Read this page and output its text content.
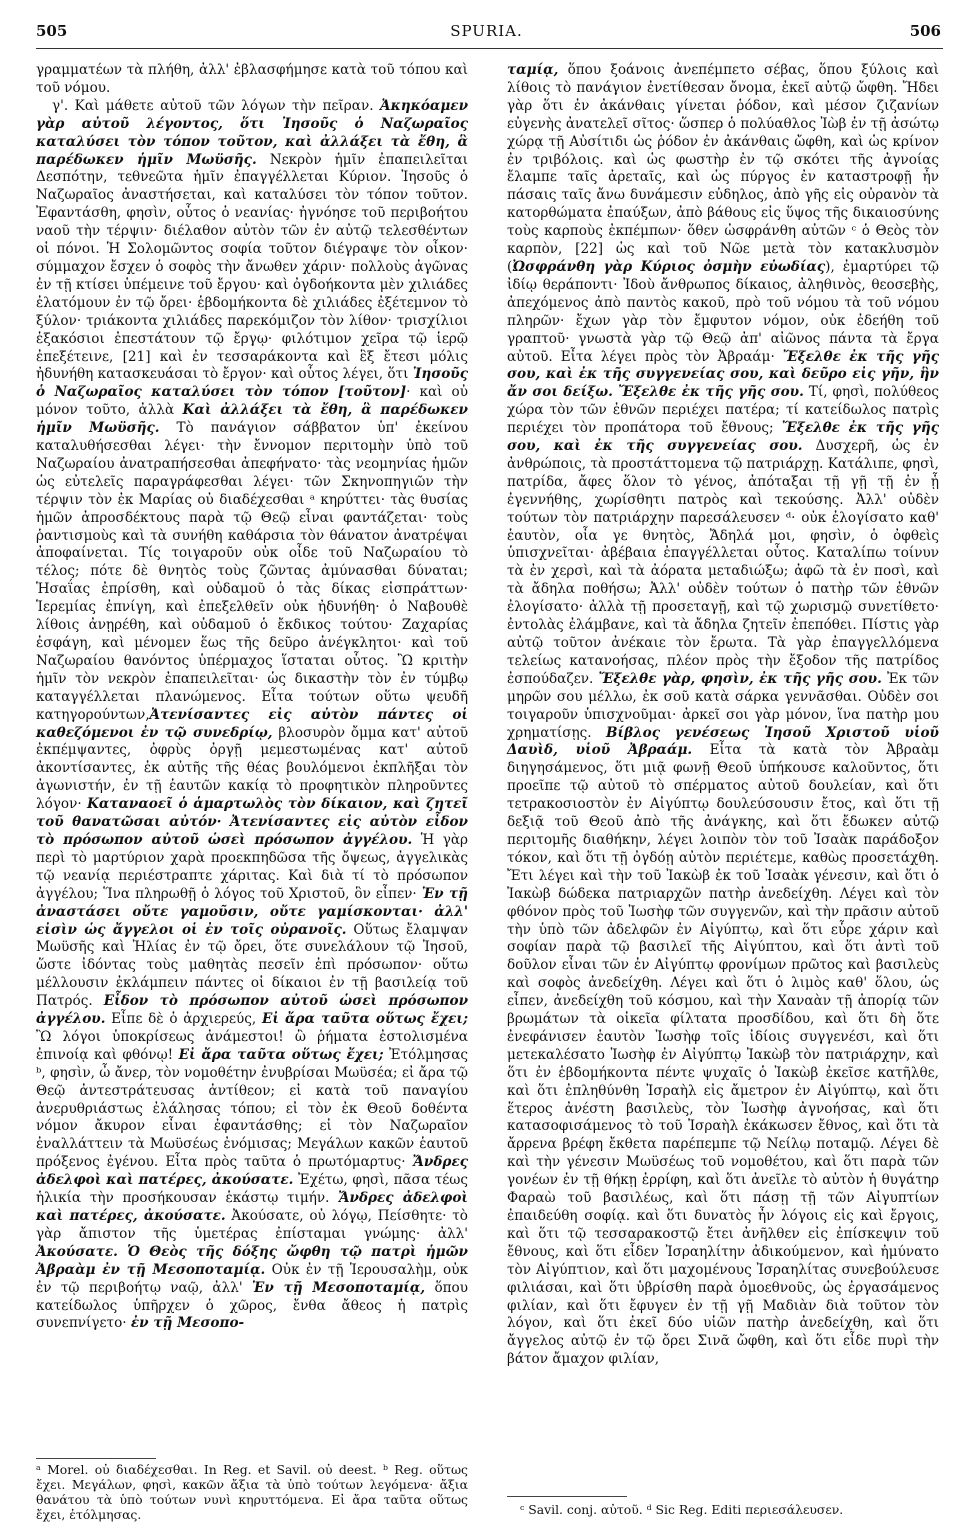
505	SPURIA.	506

γραμματέων τὰ πλήθη, ἀλλ' ἐβλασφήμησε κατὰ τοῦ τόπου καὶ τοῦ νόμου.

γ'. Καὶ μάθετε αὐτοῦ τῶν λόγων τὴν πεῖραν. Ἀκηκόαμεν γὰρ αὐτοῦ λέγοντος, ὅτι Ἰησοῦς ὁ Ναζωραῖος καταλύσει τὸν τόπον τοῦτον, καὶ ἀλλάξει τὰ ἔθη, ἃ παρέδωκεν ἡμῖν Μωϋσῆς. Νεκρὸν ἡμῖν ἐπαπειλεῖται Δεσπότην, τεθνεῶτα ἡμῖν ἐπαγγέλλεται Κύριον. Ἰησοῦς ὁ Ναζωραῖος ἀναστήσεται, καὶ καταλύσει τὸν τόπον τοῦτον. Ἐφαντάσθη, φησὶν, οὗτος ὁ νεανίας· ἠγνόησε τοῦ περιβοήτου ναοῦ τὴν τέρψιν· διέλαθον αὐτὸν τῶν ἐν αὐτῷ τελεσθέντων οἱ πόνοι. Ἡ Σολομῶντος σοφία τοῦτον διέγραψε τὸν οἶκον· σύμμαχον ἔσχεν ὁ σοφὸς τὴν ἄνωθεν χάριν· πολλοὺς ἀγῶνας ἐν τῇ κτίσει ὑπέμεινε τοῦ ἔργου· καὶ ὀγδοήκοντα μὲν χιλιάδες ἐλατόμουν ἐν τῷ ὄρει· ἑβδομήκοντα δὲ χιλιάδες ἐξέτεμνον τὸ ξύλον· τριάκοντα χιλιάδες παρεκόμιζον τὸν λίθον· τρισχίλιοι ἑξακόσιοι ἐπεστάτουν τῷ ἔργῳ· φιλότιμον χεῖρα τῷ ἱερῷ ἐπεξέτεινε, [21] καὶ ἐν τεσσαράκοντα καὶ ἓξ ἔτεσι μόλις ἠδυνήθη κατασκευάσαι τὸ ἔργον· καὶ οὗτος λέγει, ὅτι Ἰησοῦς ὁ Ναζωραῖος καταλύσει τὸν τόπον [τοῦτον]· καὶ οὐ μόνον τοῦτο, ἀλλὰ Καὶ ἀλλάξει τὰ ἔθη, ἃ παρέδωκεν ἡμῖν Μωϋσῆς. Τὸ πανάγιον σάββατον ὑπ' ἐκείνου καταλυθήσεσθαι λέγει· τὴν ἔννομον περιτομὴν ὑπὸ τοῦ Ναζωραίου ἀνατραπήσεσθαι ἀπεφήνατο· τὰς νεομηνίας ἡμῶν ὡς εὐτελεῖς παραγράφεσθαι λέγει· τῶν Σκηνοπηγιῶν τὴν τέρψιν τὸν ἐκ Μαρίας οὐ διαδέχεσθαι ᵃ κηρύττει· τὰς θυσίας ἡμῶν ἀπροσδέκτους παρὰ τῷ Θεῷ εἶναι φαντάζεται· τοὺς ῥαντισμοὺς καὶ τὰ συνήθη καθάρσια τὸν θάνατον ἀνατρέψαι ἀποφαίνεται. Τίς τοιγαροῦν οὐκ οἶδε τοῦ Ναζωραίου τὸ τέλος; πότε δὲ θνητὸς τοὺς ζῶντας ἀμύνασθαι δύναται; Ἡσαΐας ἐπρίσθη, καὶ οὐδαμοῦ ὁ τὰς δίκας εἰσπράττων· Ἱερεμίας ἐπνίγη, καὶ ἐπεξελθεῖν οὐκ ἠδυνήθη· ὁ Ναβουθὲ λίθοις ἀνῃρέθη, καὶ οὐδαμοῦ ὁ ἔκδικος τούτου· Ζαχαρίας ἐσφάγη, καὶ μένομεν ἕως τῆς δεῦρο ἀνέγκλητοι· καὶ τοῦ Ναζωραίου θανόντος ὑπέρμαχος ἵσταται οὗτος. Ὢ κριτὴν ἡμῖν τὸν νεκρὸν ἐπαπειλεῖται· ὡς δικαστὴν τὸν ἐν τύμβῳ καταγγέλλεται πλανώμενος. Εἶτα τούτων οὕτω ψευδῆ κατηγορούντων,Ἀτενίσαντες εἰς αὐτὸν πάντες οἱ καθεζόμενοι ἐν τῷ συνεδρίῳ, βλοσυρὸν ὄμμα κατ' αὐτοῦ ἐκπέμψαντες, ὀφρὺς ὀργῇ μεμεστωμένας κατ' αὐτοῦ ἀκοντίσαντες, ἐκ αὐτῆς τῆς θέας βουλόμενοι ἐκπλῆξαι τὸν ἀγωνιστήν, ἐν τῇ ἑαυτῶν κακίᾳ τὸ προφητικὸν πληροῦντες λόγον· Καταναοεῖ ὁ ἁμαρτωλὸς τὸν δίκαιον, καὶ ζητεῖ τοῦ θανατῶσαι αὐτόν· Ἀτενίσαντες εἰς αὐτὸν εἶδον τὸ πρόσωπον αὐτοῦ ὡσεὶ πρόσωπον ἀγγέλου. Ἡ γὰρ περὶ τὸ μαρτύριον χαρὰ προεκπηδῶσα τῆς ὄψεως, ἀγγελικὰς τῷ νεανίᾳ περιέστραπτε χάριτας. Καὶ διὰ τί τὸ πρόσωπον ἀγγέλου; Ἵνα πληρωθῇ ὁ λόγος τοῦ Χριστοῦ, ὃν εἶπεν· Ἐν τῇ ἀναστάσει οὔτε γαμοῦσιν, οὔτε γαμίσκονται· ἀλλ' εἰσὶν ὡς ἄγγελοι οἱ ἐν τοῖς οὐρανοῖς. Οὕτως ἔλαμψαν Μωϋσῆς καὶ Ἠλίας ἐν τῷ ὄρει, ὅτε συνελάλουν τῷ Ἰησοῦ, ὥστε ἰδόντας τοὺς μαθητὰς πεσεῖν ἐπὶ πρόσωπον· οὕτω μέλλουσιν ἐκλάμπειν πάντες οἱ δίκαιοι ἐν τῇ βασιλείᾳ τοῦ Πατρός. Εἶδον τὸ πρόσωπον αὐτοῦ ὡσεὶ πρόσωπον ἀγγέλου. Εἶπε δὲ ὁ ἀρχιερεύς, Εἰ ἄρα ταῦτα οὕτως ἔχει; Ὢ λόγοι ὑποκρίσεως ἀνάμεστοι! ὢ ῥήματα ἐστολισμένα ἐπινοίᾳ καὶ φθόνῳ! Εἰ ἄρα ταῦτα οὕτως ἔχει; Ἐτόλμησας ᵇ, φησὶν, ὦ ἄνερ, τὸν νομοθέτην ἐνυβρίσαι Μωϋσέα; εἰ ἄρα τῷ Θεῷ ἀντεστράτευσας ἀντίθεον; εἰ κατὰ τοῦ παναγίου ἀνερυθριάστως ἐλάλησας τόπου; εἰ τὸν ἐκ Θεοῦ δοθέντα νόμον ἄκυρον εἶναι ἐφαντάσθης; εἰ τὸν Ναζωραῖον ἐναλλάττειν τὰ Μωϋσέως ἐνόμισας; Μεγάλων κακῶν ἑαυτοῦ πρόξενος ἐγένου. Εἶτα πρὸς ταῦτα ὁ πρωτόμαρτυς· Ἄνδρες ἀδελφοὶ καὶ πατέρες, ἀκούσατε. Ἐχέτω, φησὶ, πᾶσα τέως ἡλικία τὴν προσήκουσαν ἑκάστῳ τιμήν. Ἄνδρες ἀδελφοὶ καὶ πατέρες, ἀκούσατε. Ἀκούσατε, οὐ λόγῳ, Πείσθητε· τὸ γὰρ ἄπιστον τῆς ὑμετέρας ἐπίσταμαι γνώμης· ἀλλ' Ἀκούσατε. Ὁ Θεὸς τῆς δόξης ὤφθη τῷ πατρὶ ἡμῶν Ἀβραὰμ ἐν τῇ Μεσοποταμίᾳ. Οὐκ ἐν τῇ Ἱερουσαλὴμ, οὐκ ἐν τῷ περιβοήτῳ ναῷ, ἀλλ' Ἐν τῇ Μεσοποταμίᾳ, ὅπου κατείδωλος ὑπῆρχεν ὁ χῶρος, ἔνθα ἄθεος ἡ πατρὶς συνεπνίγετο· ἐν τῇ Μεσοπο-

ταμίᾳ, ὅπου ξοάνοις ἀνεπέμπετο σέβας, ὅπου ξύλοις καὶ λίθοις τὸ πανάγιον ἐνετίθεσαν ὄνομα, ἐκεῖ αὐτῷ ὤφθη. Ἤδει γὰρ ὅτι ἐν ἀκάνθαις γίνεται ῥόδον, καὶ μέσον ζιζανίων εὐγενὴς ἀνατελεῖ σῖτος· ὥσπερ ὁ πολύαθλος Ἰὼβ ἐν τῇ ἀσώτῳ χώρᾳ τῇ Αὐσίτιδι ὡς ῥόδον ἐν ἀκάνθαις ὤφθη, καὶ ὡς κρίνον ἐν τριβόλοις. καὶ ὡς φωστὴρ ἐν τῷ σκότει τῆς ἀγνοίας ἔλαμπε ταῖς ἀρεταῖς, καὶ ὡς πύργος ἐν καταστροφῇ ἦν πάσαις ταῖς ἄνω δυνάμεσιν εὐδηλος, ἀπὸ γῆς εἰς οὐρανὸν τὰ κατορθώματα ἐπαύξων, ἀπὸ βάθους εἰς ὕψος τῆς δικαιοσύνης τοὺς καρποὺς ἐκπέμπων· ὅθεν ὠσφράνθη αὐτῶν ᶜ ὁ Θεὸς τὸν καρπὸν, [22] ὡς καὶ τοῦ Νῶε μετὰ τὸν κατακλυσμὸν (Ὠσφράνθη γὰρ Κύριος ὀσμὴν εὐωδίας), ἐμαρτύρει τῷ ἰδίῳ θεράποντι· Ἰδοὺ ἄνθρωπος δίκαιος, ἀληθινὸς, θεοσεβὴς, ἀπεχόμενος ἀπὸ παντὸς κακοῦ, πρὸ τοῦ νόμου τὰ τοῦ νόμου πληρῶν· ἔχων γὰρ τὸν ἔμφυτον νόμον, οὐκ ἐδεήθη τοῦ γραπτοῦ· γνωστὰ γὰρ τῷ Θεῷ ἀπ' αἰῶνος πάντα τὰ ἔργα αὐτοῦ. Εἶτα λέγει πρὸς τὸν Ἀβραάμ· Ἔξελθε ἐκ τῆς γῆς σου, καὶ ἐκ τῆς συγγενείας σου, καὶ δεῦρο εἰς γῆν, ἣν ἄν σοι δείξω. Ἔξελθε ἐκ τῆς γῆς σου. Τί, φησὶ, πολύθεος χώρα τὸν τῶν ἐθνῶν περιέχει πατέρα; τί κατείδωλος πατρὶς περιέχει τὸν προπάτορα τοῦ ἔθνους; Ἔξελθε ἐκ τῆς γῆς σου, καὶ ἐκ τῆς συγγενείας σου. Δυσχερῆ, ὡς ἐν ἀνθρώποις, τὰ προστάττομενα τῷ πατριάρχῃ. Κατάλιπε, φησὶ, πατρίδα, ἄφες ὅλον τὸ γένος, ἀπόταξαι τῇ γῇ τῇ ἐν ᾗ ἐγεννήθης, χωρίσθητι πατρὸς καὶ τεκούσης. Ἀλλ' οὐδὲν τούτων τὸν πατριάρχην παρεσάλευσεν ᵈ· οὐκ ἐλογίσατο καθ' ἑαυτὸν, οἷα γε θνητὸς, Ἄδηλά μοι, φησὶν, ὁ ὀφθεὶς ὑπισχνεῖται· ἀβέβαια ἐπαγγέλλεται οὗτος. Καταλίπω τοίνυν τὰ ἐν χερσὶ, καὶ τὰ ἀόρατα μεταδιώξω; ἀφῶ τὰ ἐν ποσὶ, καὶ τὰ ἄδηλα ποθήσω; Ἀλλ' οὐδὲν τούτων ὁ πατὴρ τῶν ἐθνῶν ἐλογίσατο· ἀλλὰ τῇ προσεταγῇ, καὶ τῷ χωρισμῷ συνετίθετο· ἐντολὰς ἐλάμβανε, καὶ τὰ ἄδηλα ζητεῖν ἐπεπόθει. Πίστις γὰρ αὐτῷ τοῦτον ἀνέκαιε τὸν ἔρωτα. Τὰ γὰρ ἐπαγγελλόμενα τελείως κατανοήσας, πλέον πρὸς τὴν ἔξοδον τῆς πατρίδος ἐσπούδαζεν. Ἔξελθε γὰρ, φησὶν, ἐκ τῆς γῆς σου. Ἐκ τῶν μηρῶν σου μέλλω, ἐκ σοῦ κατὰ σάρκα γεννᾶσθαι. Οὐδὲν σοι τοιγαροῦν ὑπισχνοῦμαι· ἀρκεῖ σοι γὰρ μόνον, ἵνα πατὴρ μου χρηματίσῃς. Βίβλος γενέσεως Ἰησοῦ Χριστοῦ υἱοῦ Δαυὶδ, υἱοῦ Ἀβραάμ. Εἶτα τὰ κατὰ τὸν Ἀβραὰμ διηγησάμενος, ὅτι μιᾷ φωνῇ Θεοῦ ὑπήκουσε καλοῦντος, ὅτι προεῖπε τῷ αὐτοῦ τὸ σπέρματος αὐτοῦ δουλείαν, καὶ ὅτι τετρακοσιοστὸν ἐν Αἰγύπτῳ δουλεύσουσιν ἔτος, καὶ ὅτι τῇ δεξιᾷ τοῦ Θεοῦ ἀπὸ τῆς ἀνάγκης, καὶ ὅτι ἔδωκεν αὐτῷ περιτομῆς διαθήκην, λέγει λοιπὸν τὸν τοῦ Ἰσαὰκ παράδοξον τόκον, καὶ ὅτι τῇ ὀγδόῃ αὐτὸν περιέτεμε, καθὼς προσετάχθη. Ἔτι λέγει καὶ τὴν τοῦ Ἰακὼβ ἐκ τοῦ Ἰσαὰκ γένεσιν, καὶ ὅτι ὁ Ἰακὼβ δώδεκα πατριαρχῶν πατὴρ ἀνεδείχθη. Λέγει καὶ τὸν φθόνον πρὸς τοῦ Ἰωσὴφ τῶν συγγενῶν, καὶ τὴν πρᾶσιν αὐτοῦ τὴν ὑπὸ τῶν ἀδελφῶν ἐν Αἰγύπτῳ, καὶ ὅτι εὗρε χάριν καὶ σοφίαν παρὰ τῷ βασιλεῖ τῆς Αἰγύπτου, καὶ ὅτι ἀντὶ τοῦ δοῦλον εἶναι τῶν ἐν Αἰγύπτῳ φρονίμων πρῶτος καὶ βασιλεὺς καὶ σοφὸς ἀνεδείχθη. Λέγει καὶ ὅτι ὁ λιμὸς καθ' ὅλου, ὡς εἶπεν, ἀνεδείχθη τοῦ κόσμου, καὶ τὴν Χαναὰν τῇ ἀπορίᾳ τῶν βρωμάτων τὰ οἰκεῖα φίλτατα προσδίδου, καὶ ὅτι δὴ ὅτε ἐνεφάνισεν ἑαυτὸν Ἰωσὴφ τοῖς ἰδίοις συγγενέσι, καὶ ὅτι μετεκαλέσατο Ἰωσὴφ ἐν Αἰγύπτῳ Ἰακὼβ τὸν πατριάρχην, καὶ ὅτι ἐν ἑβδομήκοντα πέντε ψυχαῖς ὁ Ἰακὼβ ἐκεῖσε κατῆλθε, καὶ ὅτι ἐπληθύνθη Ἰσραὴλ εἰς ἄμετρον ἐν Αἰγύπτῳ, καὶ ὅτι ἕτερος ἀνέστη βασιλεὺς, τὸν Ἰωσὴφ ἀγνοήσας, καὶ ὅτι κατασοφισάμενος τὸ τοῦ Ἰσραὴλ ἐκάκωσεν ἔθνος, καὶ ὅτι τὰ ἄρρενα βρέφη ἔκθετα παρέπεμπε τῷ Νείλῳ ποταμῷ. Λέγει δὲ καὶ τὴν γένεσιν Μωϋσέως τοῦ νομοθέτου, καὶ ὅτι παρὰ τῶν γονέων ἐν τῇ θήκῃ ἐρρίφη, καὶ ὅτι ἀνεῖλε τὸ αὐτὸν ἡ θυγάτηρ Φαραὼ τοῦ βασιλέως, καὶ ὅτι πάσῃ τῇ τῶν Αἰγυπτίων ἐπαιδεύθη σοφίᾳ. καὶ ὅτι δυνατὸς ἦν λόγοις εἰς καὶ ἔργοις, καὶ ὅτι τῷ τεσσαρακοστῷ ἔτει ἀνῆλθεν εἰς ἐπίσκεψιν τοῦ ἔθνους, καὶ ὅτι εἶδεν Ἰσραηλίτην ἀδικούμενον, καὶ ἠμύνατο τὸν Αἰγύπτιον, καὶ ὅτι μαχομένους Ἰσραηλίτας συνεβούλευσε φιλιάσαι, καὶ ὅτι ὑβρίσθη παρὰ ὁμοεθνοῦς, ὡς ἐργασάμενος φιλίαν, καὶ ὅτι ἔφυγεν ἐν τῇ γῇ Μαδιὰν διὰ τοῦτον τὸν λόγον, καὶ ὅτι ἐκεῖ δύο υἱῶν πατὴρ ἀνεδείχθη, καὶ ὅτι ἄγγελος αὐτῷ ἐν τῷ ὄρει Σινᾶ ὤφθη, καὶ ὅτι εἶδε πυρὶ τὴν βάτον ἄμαχον φιλίαν,

ᵃ Morel. οὐ διαδέχεσθαι. In Reg. et Savil. οὐ deest. ᵇ Reg. οὕτως ἔχει. Μεγάλων, φησὶ, κακῶν ἄξια τὰ ὑπὸ τούτων λεγόμενα· ἄξια θανάτου τὰ ὑπὸ τούτων νυνὶ κηρυττόμενα. Εἰ ἄρα ταῦτα οὕτως ἔχει, ἐτόλμησας.	ᶜ Savil. conj. αὐτοῦ. ᵈ Sic Reg. Editi περιεσάλευσεν.
